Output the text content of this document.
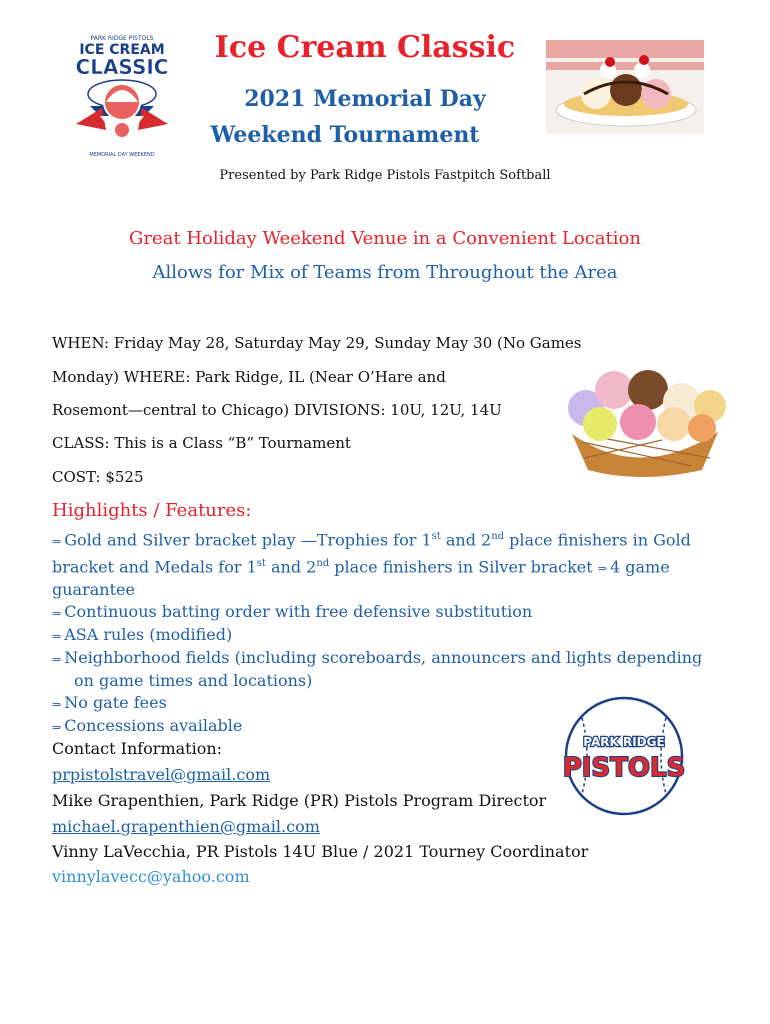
PARK RIDGE PISTOLS
ICE CREAM
CLASSIC
MEMORIAL DAY WEEKEND
Ice Cream Classic
2021 Memorial Day
Weekend Tournament
Presented by Park Ridge Pistols Fastpitch Softball
Great Holiday Weekend Venue in a Convenient Location
Allows for Mix of Teams from Throughout the Area
WHEN: Friday May 28, Saturday May 29, Sunday May 30 (No Games
Monday) WHERE: Park Ridge, IL (Near O’Hare and
Rosemont—central to Chicago) DIVISIONS: 10U, 12U, 14U
CLASS: This is a Class “B” Tournament
COST: $525
Highlights / Features:
⇒ Gold and Silver bracket play —Trophies for 1st and 2nd place finishers in Gold
bracket and Medals for 1st and 2nd place finishers in Silver bracket ⇒ 4 game
guarantee
⇒ Continuous batting order with free defensive substitution
⇒ ASA rules (modified)
⇒ Neighborhood fields (including scoreboards, announcers and lights depending
on game times and locations)
⇒ No gate fees
⇒ Concessions available
PARK RIDGE
PISTOLS
Contact Information:
prpistolstravel@gmail.com
Mike Grapenthien, Park Ridge (PR) Pistols Program Director
michael.grapenthien@gmail.com
Vinny LaVecchia, PR Pistols 14U Blue / 2021 Tourney Coordinator
vinnylavecc@yahoo.com
